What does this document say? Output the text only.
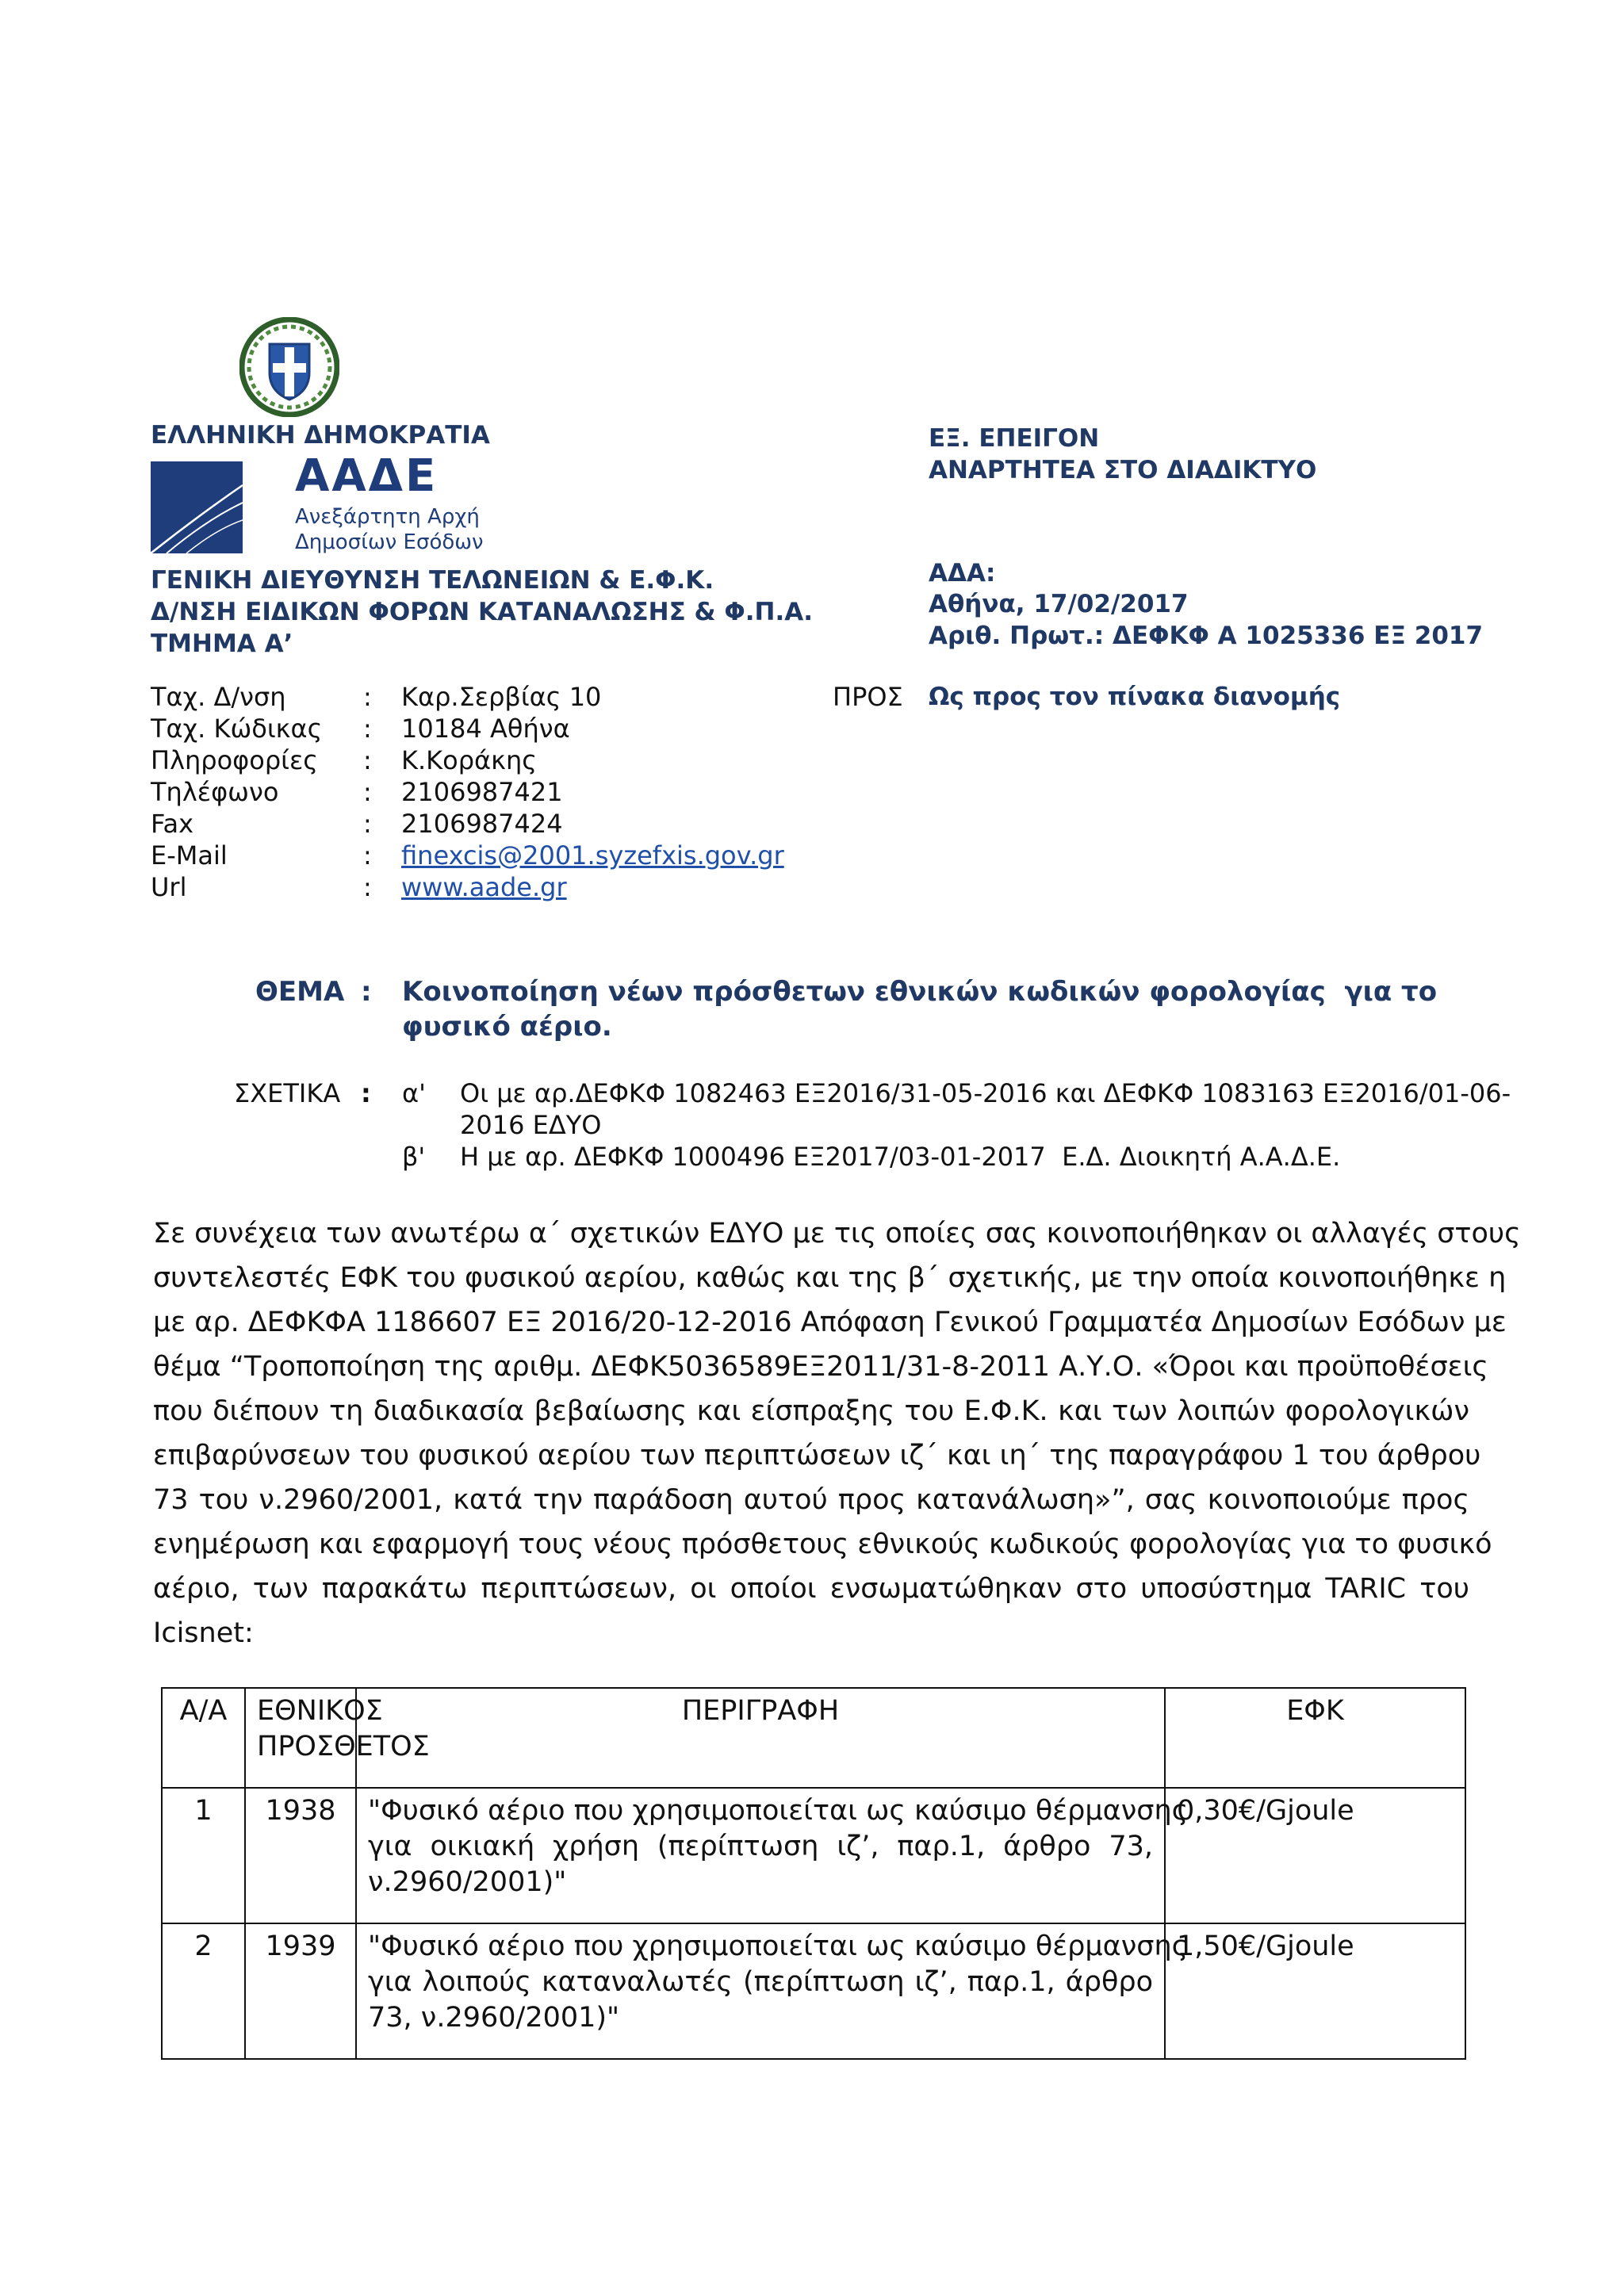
ΕΛΛΗΝΙΚΗ ΔΗΜΟΚΡΑΤΙΑ
ΑΑΔΕ
Ανεξάρτητη Αρχή
Δημοσίων Εσόδων
ΓΕΝΙΚΗ ΔΙΕΥΘΥΝΣΗ ΤΕΛΩΝΕΙΩΝ & Ε.Φ.Κ.
Δ/ΝΣΗ ΕΙΔΙΚΩΝ ΦΟΡΩΝ ΚΑΤΑΝΑΛΩΣΗΣ & Φ.Π.Α.
ΤΜΗΜΑ Α’
ΕΞ. ΕΠΕΙΓΟΝ
ΑΝΑΡΤΗΤΕΑ ΣΤΟ ΔΙΑΔΙΚΤΥΟ
ΑΔΑ:
Αθήνα, 17/02/2017
Αριθ. Πρωτ.: ΔΕΦΚΦ Α 1025336 ΕΞ 2017
ΠΡΟΣ Ως προς τον πίνακα διανομής
Ταχ. Δ/νση	: Καρ.Σερβίας 10
Ταχ. Κώδικας : 10184 Αθήνα
Πληροφορίες : Κ.Κοράκης
Τηλέφωνο	: 2106987421
Fax	: 2106987424
E-Mail	: finexcis@2001.syzefxis.gov.gr
Url	: www.aade.gr
ΘΕΜΑ : Κοινοποίηση νέων πρόσθετων εθνικών κωδικών φορολογίας  για το
φυσικό αέριο.
ΣΧΕΤΙΚΑ : α' Οι με αρ.ΔΕΦΚΦ 1082463 ΕΞ2016/31-05-2016 και ΔΕΦΚΦ 1083163 ΕΞ2016/01-06-
2016 ΕΔΥΟ
β' Η με αρ. ΔΕΦΚΦ 1000496 ΕΞ2017/03-01-2017  Ε.Δ. Διοικητή Α.Α.Δ.Ε.
Σε συνέχεια των ανωτέρω α΄ σχετικών ΕΔΥΟ με τις οποίες σας κοινοποιήθηκαν οι αλλαγές στους
συντελεστές ΕΦΚ του φυσικού αερίου, καθώς και της β΄ σχετικής, με την οποία κοινοποιήθηκε η
με αρ. ΔΕΦΚΦΑ 1186607 ΕΞ 2016/20-12-2016 Απόφαση Γενικού Γραμματέα Δημοσίων Εσόδων με
θέμα “Τροποποίηση της αριθμ. ΔΕΦΚ5036589ΕΞ2011/31-8-2011 Α.Υ.Ο. «Όροι και προϋποθέσεις
που διέπουν τη διαδικασία βεβαίωσης και είσπραξης του Ε.Φ.Κ. και των λοιπών φορολογικών
επιβαρύνσεων του φυσικού αερίου των περιπτώσεων ιζ΄ και ιη΄ της παραγράφου 1 του άρθρου
73 του ν.2960/2001, κατά την παράδοση αυτού προς κατανάλωση»”, σας κοινοποιούμε προς
ενημέρωση και εφαρμογή τους νέους πρόσθετους εθνικούς κωδικούς φορολογίας για το φυσικό
αέριο, των παρακάτω περιπτώσεων, οι οποίοι ενσωματώθηκαν στο υποσύστημα TARIC του
Icisnet:
Α/Α	ΕΘΝΙΚΟΣ
ΠΡΟΣΘΕΤΟΣ	ΠΕΡΙΓΡΑΦΗ	ΕΦΚ
1	1938	"Φυσικό αέριο που χρησιμοποιείται ως καύσιμο θέρμανσης
για οικιακή χρήση (περίπτωση ιζ’, παρ.1, άρθρο 73,
ν.2960/2001)"	0,30€/Gjoule
2	1939	"Φυσικό αέριο που χρησιμοποιείται ως καύσιμο θέρμανσης
για λοιπούς καταναλωτές (περίπτωση ιζ’, παρ.1, άρθρο
73, ν.2960/2001)"	1,50€/Gjoule
